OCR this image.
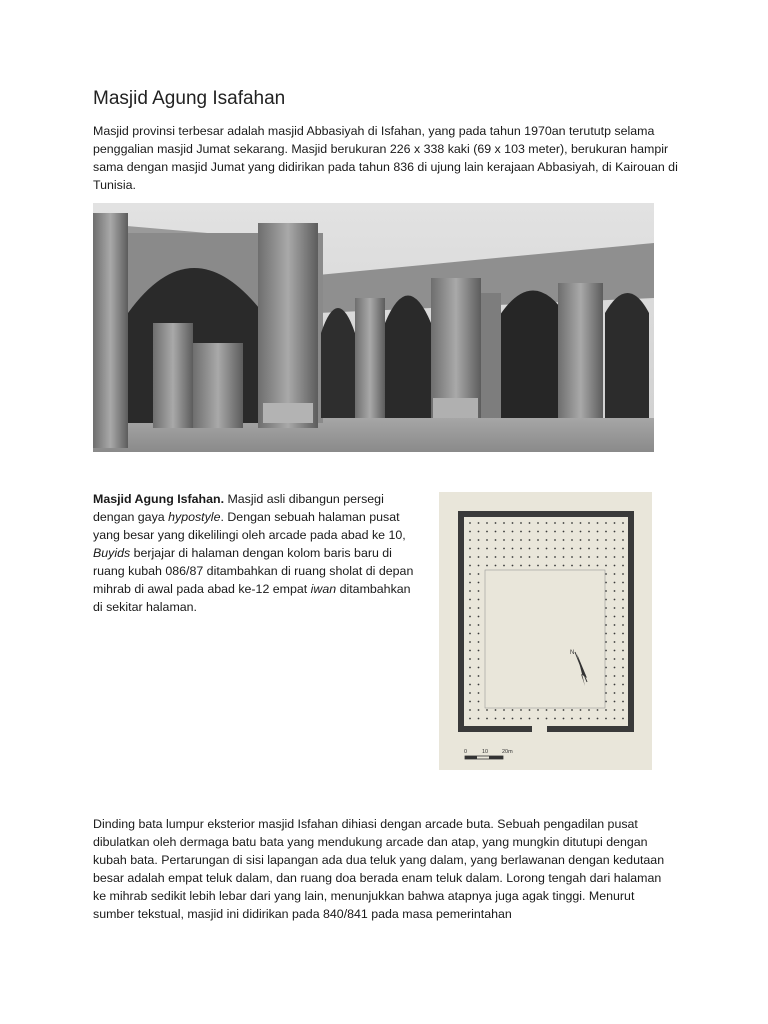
Masjid Agung Isafahan

Masjid provinsi terbesar adalah masjid Abbasiyah di Isfahan, yang pada tahun 1970an terututp selama penggalian masjid Jumat sekarang. Masjid berukuran 226 x 338 kaki (69 x 103 meter), berukuran hampir sama dengan masjid Jumat yang didirikan pada tahun 836 di ujung lain kerajaan Abbasiyah, di Kairouan di Tunisia.

Masjid Agung Isfahan. Masjid asli dibangun persegi dengan gaya hypostyle. Dengan sebuah halaman pusat yang besar yang dikelilingi oleh arcade pada abad ke 10, Buyids berjajar di halaman dengan kolom baris baru di ruang kubah 086/87 ditambahkan di ruang sholat di depan mihrab di awal pada abad ke-12 empat iwan ditambahkan di sekitar halaman.

N
0	10	20m

Dinding bata lumpur eksterior masjid Isfahan dihiasi dengan arcade buta. Sebuah pengadilan pusat dibulatkan oleh dermaga batu bata yang mendukung arcade dan atap, yang mungkin ditutupi dengan kubah bata. Pertarungan di sisi lapangan ada dua teluk yang dalam, yang berlawanan dengan kedutaan besar adalah empat teluk dalam, dan ruang doa berada enam teluk dalam. Lorong tengah dari halaman ke mihrab sedikit lebih lebar dari yang lain, menunjukkan bahwa atapnya juga agak tinggi. Menurut sumber tekstual, masjid ini didirikan pada 840/841 pada masa pemerintahan
